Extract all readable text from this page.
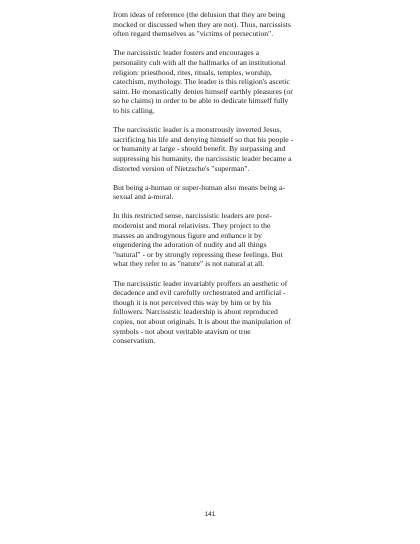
from ideas of reference (the delusion that they are being
mocked or discussed when they are not). Thus, narcissists
often regard themselves as "victims of persecution".

The narcissistic leader fosters and encourages a
personality cult with all the hallmarks of an institutional
religion: priesthood, rites, rituals, temples, worship,
catechism, mythology. The leader is this religion's ascetic
saint. He monastically denies himself earthly pleasures (or
so he claims) in order to be able to dedicate himself fully
to his calling.

The narcissistic leader is a monstrously inverted Jesus,
sacrificing his life and denying himself so that his people -
or humanity at large - should benefit. By surpassing and
suppressing his humanity, the narcissistic leader became a
distorted version of Nietzsche's "superman".

But being a-human or super-human also means being a-
sexual and a-moral.

In this restricted sense, narcissistic leaders are post-
modernist and moral relativists. They project to the
masses an androgynous figure and enhance it by
engendering the adoration of nudity and all things
"natural" - or by strongly repressing these feelings. But
what they refer to as "nature" is not natural at all.

The narcissistic leader invariably proffers an aesthetic of
decadence and evil carefully orchestrated and artificial -
though it is not perceived this way by him or by his
followers. Narcissistic leadership is about reproduced
copies, not about originals. It is about the manipulation of
symbols - not about veritable atavism or true
conservatism.

141
